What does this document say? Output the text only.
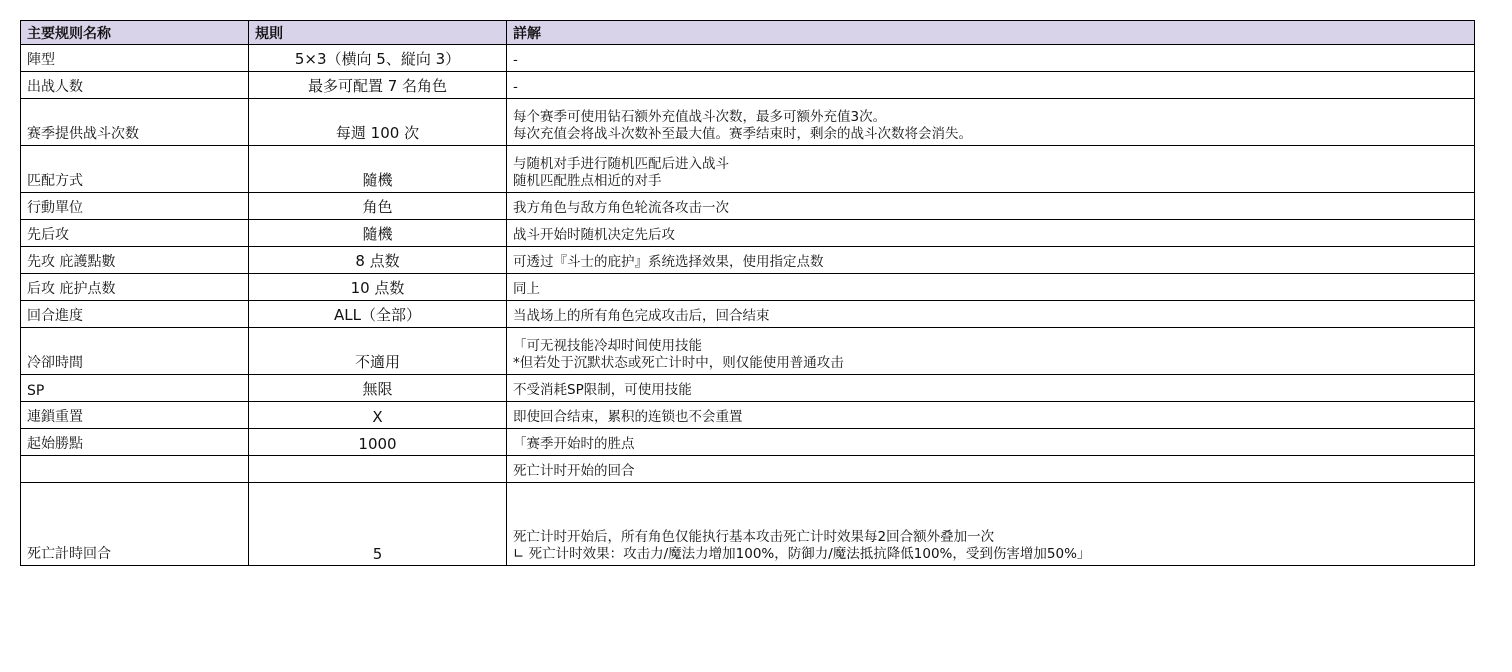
主要规则名称	規則	詳解
陣型	5×3（横向 5、縦向 3）	-
出战人数	最多可配置 7 名角色	-
赛季提供战斗次数	每週 100 次	每个赛季可使用钻石额外充值战斗次数，最多可额外充值3次。
每次充值会将战斗次数补至最大值。赛季结束时，剩余的战斗次数将会消失。
匹配方式	隨機	与随机对手进行随机匹配后进入战斗
随机匹配胜点相近的对手
行動單位	角色	我方角色与敌方角色轮流各攻击一次
先后攻	隨機	战斗开始时随机决定先后攻
先攻 庇護點數	8 点数	可透过『斗士的庇护』系统选择效果，使用指定点数
后攻 庇护点数	10 点数	同上
回合進度	ALL（全部）	当战场上的所有角色完成攻击后，回合结束
冷卻時間	不適用	「可无视技能冷却时间使用技能
*但若处于沉默状态或死亡计时中，则仅能使用普通攻击
SP	無限	不受消耗SP限制，可使用技能
連鎖重置	X	即使回合结束，累积的连锁也不会重置
起始勝點	1000	「赛季开始时的胜点
		死亡计时开始的回合
死亡計時回合	5	死亡计时开始后，所有角色仅能执行基本攻击死亡计时效果每2回合额外叠加一次
∟ 死亡计时效果：攻击力/魔法力增加100%，防御力/魔法抵抗降低100%，受到伤害增加50%」
